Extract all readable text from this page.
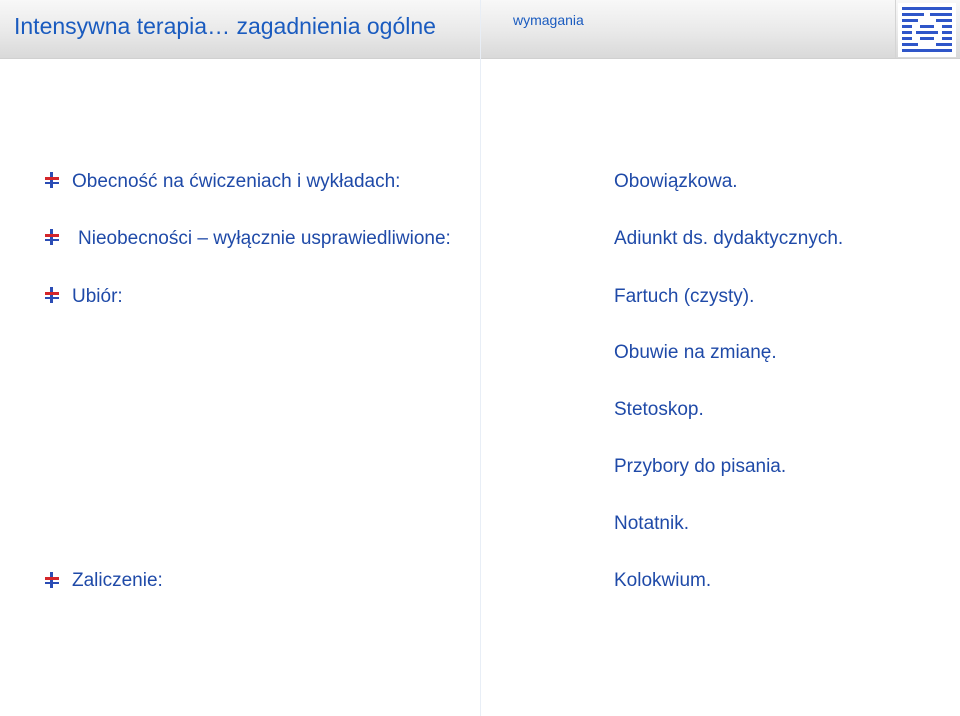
Intensywna terapia… zagadnienia ogólne	wymagania
Obecność na ćwiczeniach i wykładach:	Obowiązkowa.
Nieobecności – wyłącznie usprawiedliwione:	Adiunkt ds. dydaktycznych.
Ubiór:	Fartuch (czysty).
Obuwie na zmianę.
Stetoskop.
Przybory do pisania.
Notatnik.
Zaliczenie:	Kolokwium.
